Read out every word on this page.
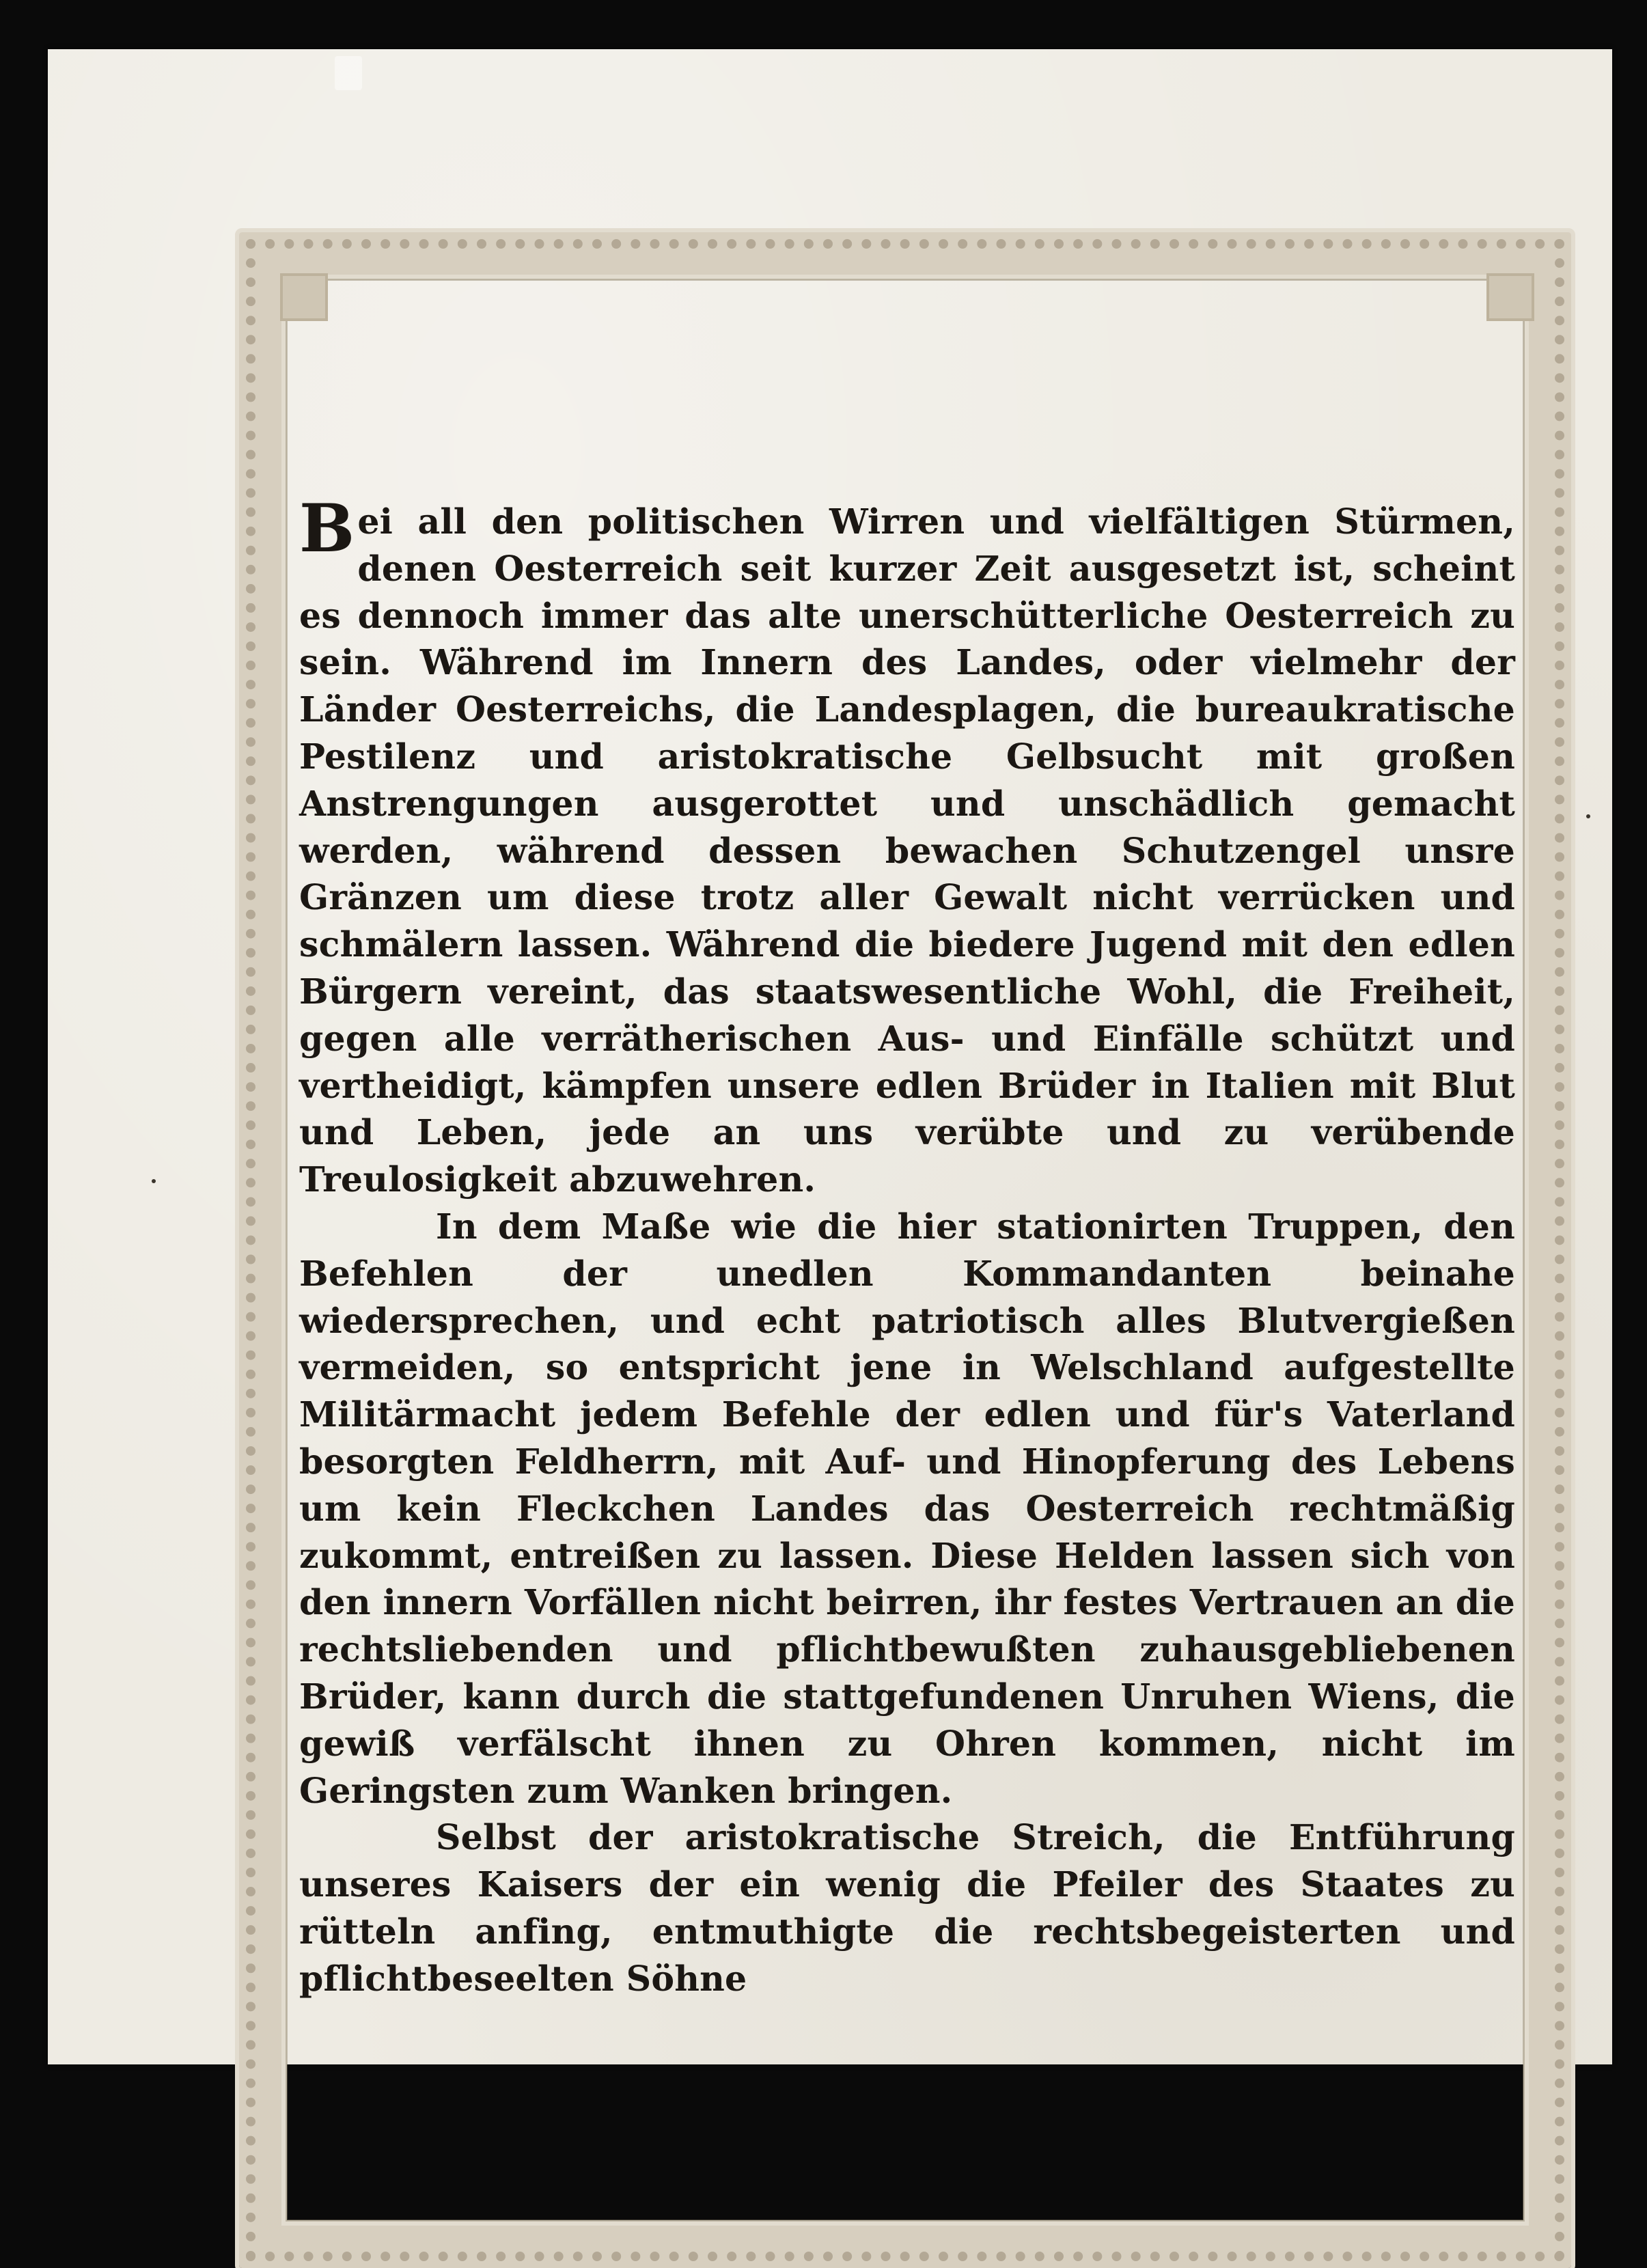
Bei all den politischen Wirren und vielfältigen Stürmen, denen Oesterreich seit kurzer Zeit ausgesetzt ist, scheint es dennoch immer das alte unerschütterliche Oesterreich zu sein. Während im Innern des Landes, oder vielmehr der Länder Oesterreichs, die Landesplagen, die bureaukratische Pestilenz und aristokratische Gelbsucht mit großen Anstrengungen ausgerottet und unschädlich gemacht werden, während dessen bewachen Schutzengel unsre Gränzen um diese trotz aller Gewalt nicht verrücken und schmälern lassen. Während die biedere Jugend mit den edlen Bürgern vereint, das staatswesentliche Wohl, die Freiheit, gegen alle verrätherischen Aus- und Einfälle schützt und vertheidigt, kämpfen unsere edlen Brüder in Italien mit Blut und Leben, jede an uns verübte und zu verübende Treulosigkeit abzuwehren.

In dem Maße wie die hier stationirten Truppen, den Befehlen der unedlen Kommandanten beinahe wiedersprechen, und echt patriotisch alles Blutvergießen vermeiden, so entspricht jene in Welschland aufgestellte Militärmacht jedem Befehle der edlen und für's Vaterland besorgten Feldherrn, mit Auf- und Hinopferung des Lebens um kein Fleckchen Landes das Oesterreich rechtmäßig zukommt, entreißen zu lassen. Diese Helden lassen sich von den innern Vorfällen nicht beirren, ihr festes Vertrauen an die rechtsliebenden und pflichtbewußten zuhausgebliebenen Brüder, kann durch die stattgefundenen Unruhen Wiens, die gewiß verfälscht ihnen zu Ohren kommen, nicht im Geringsten zum Wanken bringen.

Selbst der aristokratische Streich, die Entführung unseres Kaisers der ein wenig die Pfeiler des Staates zu rütteln anfing, entmuthigte die rechtsbegeisterten und pflichtbeseelten Söhne
